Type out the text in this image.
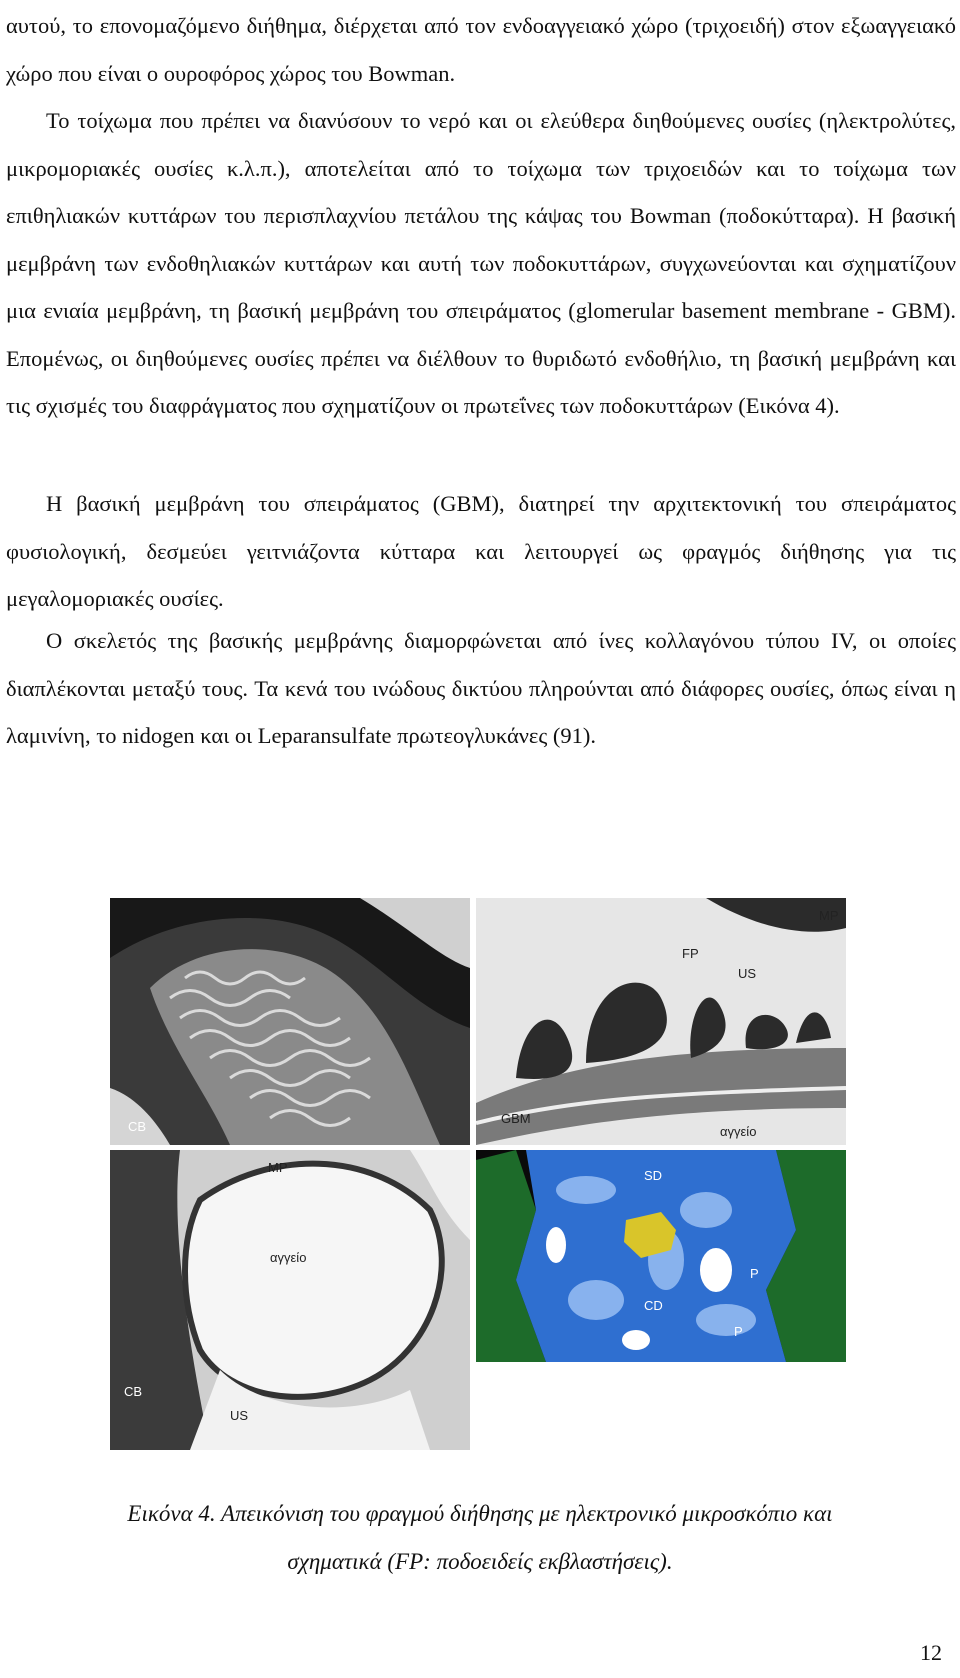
αυτού, το επονομαζόμενο διήθημα, διέρχεται από τον ενδοαγγειακό χώρο (τριχοειδή) στον εξωαγγειακό χώρο που είναι ο ουροφόρος χώρος του Bowman.

Το τοίχωμα που πρέπει να διανύσουν το νερό και οι ελεύθερα διηθούμενες ουσίες (ηλεκτρολύτες, μικρομοριακές ουσίες κ.λ.π.), αποτελείται από το τοίχωμα των τριχοειδών και το τοίχωμα των επιθηλιακών κυττάρων του περισπλαχνίου πετάλου της κάψας του Bowman (ποδοκύτταρα). Η βασική μεμβράνη των ενδοθηλιακών κυττάρων και αυτή των ποδοκυττάρων, συγχωνεύονται και σχηματίζουν μια ενιαία μεμβράνη, τη βασική μεμβράνη του σπειράματος (glomerular basement membrane - GBM). Επομένως, οι διηθούμενες ουσίες πρέπει να διέλθουν το θυριδωτό ενδοθήλιο, τη βασική μεμβράνη και τις σχισμές του διαφράγματος που σχηματίζουν οι πρωτεΐνες των ποδοκυττάρων (Εικόνα 4).

Η βασική μεμβράνη του σπειράματος (GBM), διατηρεί την αρχιτεκτονική του σπειράματος φυσιολογική, δεσμεύει γειτνιάζοντα κύτταρα και λειτουργεί ως φραγμός διήθησης για τις μεγαλομοριακές ουσίες.

Ο σκελετός της βασικής μεμβράνης διαμορφώνεται από ίνες κολλαγόνου τύπου IV, οι οποίες διαπλέκονται μεταξύ τους. Τα κενά του ινώδους δικτύου πληρούνται από διάφορες ουσίες, όπως είναι η λαμινίνη, το nidogen και οι Leparansulfate πρωτεογλυκάνες (91).

CB
MP
FP
US
GBM
αγγείο
MP
αγγείο
CB
US
SD
P
CD
P
Εικόνα 4. Απεικόνιση του φραγμού διήθησης με ηλεκτρονικό μικροσκόπιο και
σχηματικά (FP: ποδοειδείς εκβλαστήσεις).
12
